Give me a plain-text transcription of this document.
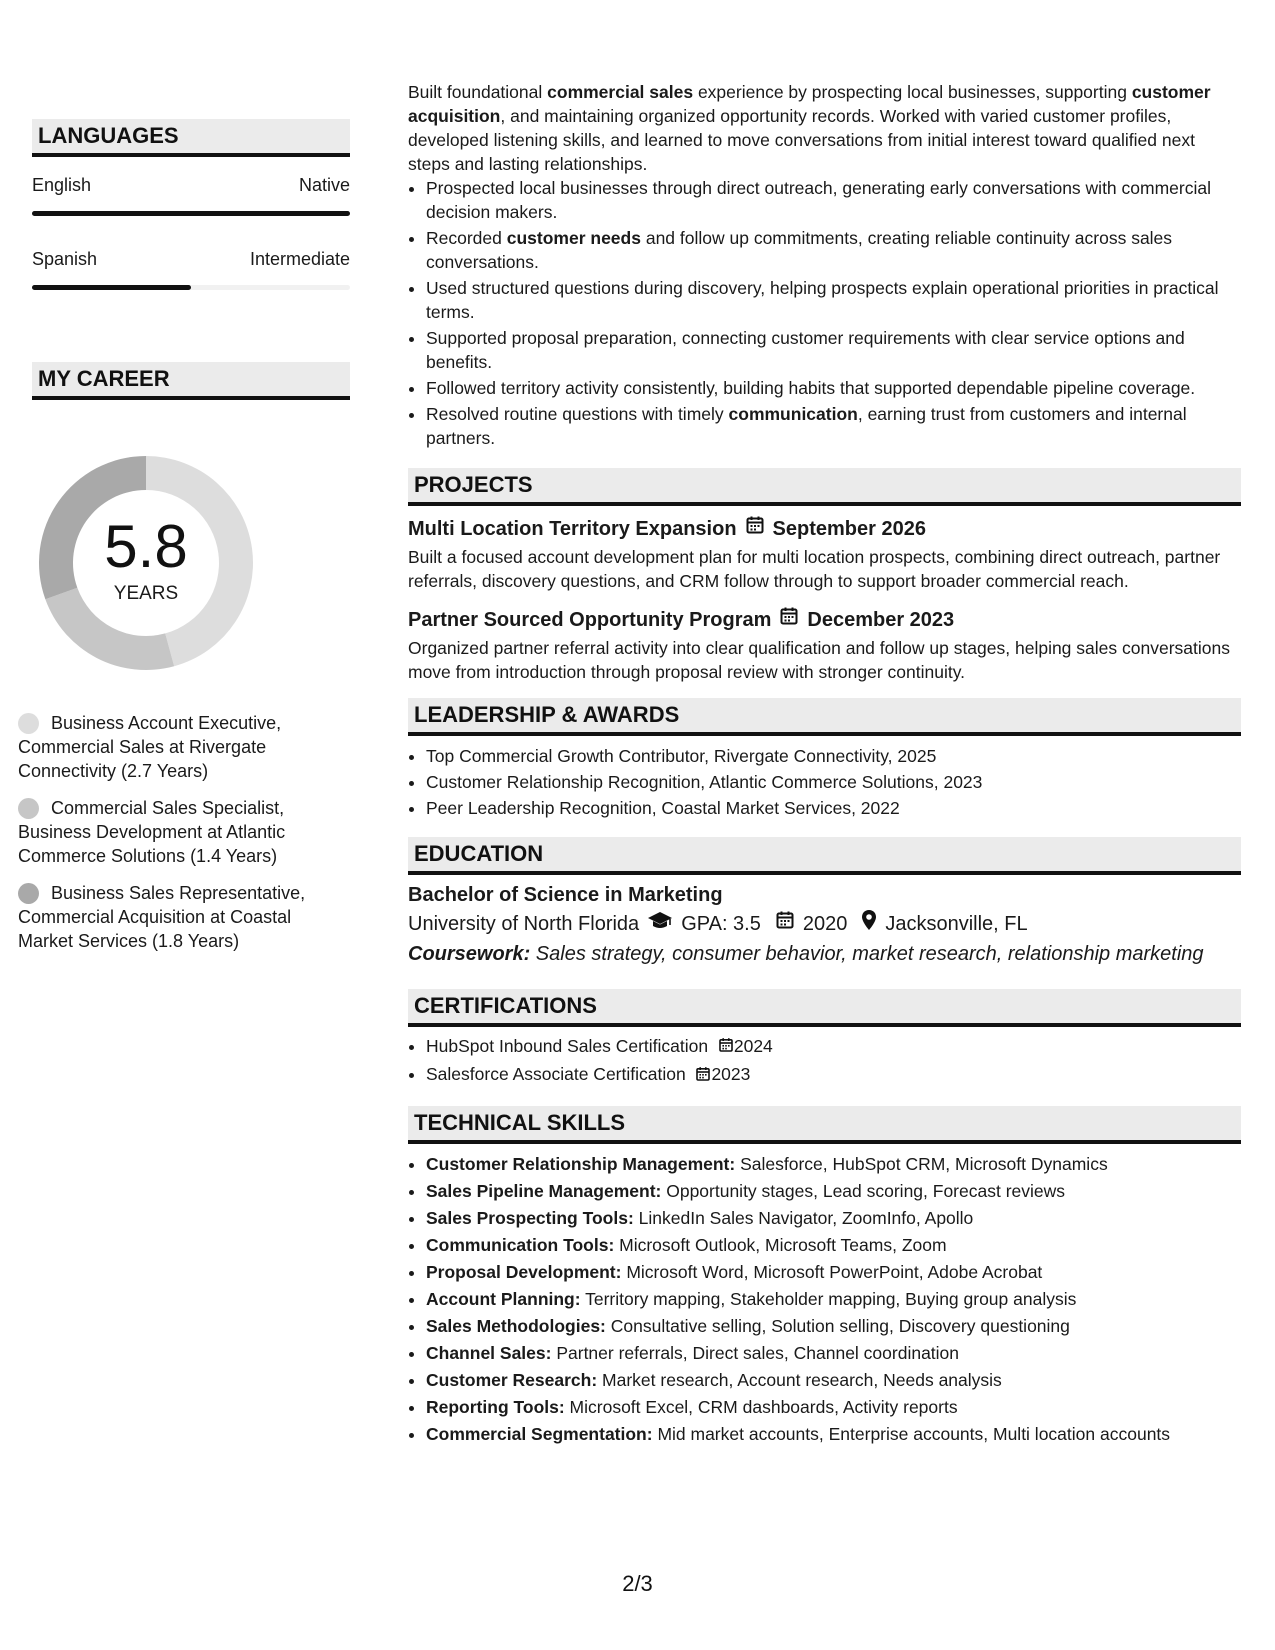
LANGUAGES
English	Native
Spanish	Intermediate
MY CAREER
5.8
YEARS
Business Account Executive, Commercial Sales at Rivergate Connectivity (2.7 Years)
Commercial Sales Specialist, Business Development at Atlantic Commerce Solutions (1.4 Years)
Business Sales Representative, Commercial Acquisition at Coastal Market Services (1.8 Years)

Built foundational commercial sales experience by prospecting local businesses, supporting customer acquisition, and maintaining organized opportunity records. Worked with varied customer profiles, developed listening skills, and learned to move conversations from initial interest toward qualified next steps and lasting relationships.

• Prospected local businesses through direct outreach, generating early conversations with commercial decision makers.
• Recorded customer needs and follow up commitments, creating reliable continuity across sales conversations.
• Used structured questions during discovery, helping prospects explain operational priorities in practical terms.
• Supported proposal preparation, connecting customer requirements with clear service options and benefits.
• Followed territory activity consistently, building habits that supported dependable pipeline coverage.
• Resolved routine questions with timely communication, earning trust from customers and internal partners.
PROJECTS
Multi Location Territory Expansion September 2026

Built a focused account development plan for multi location prospects, combining direct outreach, partner referrals, discovery questions, and CRM follow through to support broader commercial reach.

Partner Sourced Opportunity Program December 2023

Organized partner referral activity into clear qualification and follow up stages, helping sales conversations move from introduction through proposal review with stronger continuity.

LEADERSHIP & AWARDS
• Top Commercial Growth Contributor, Rivergate Connectivity, 2025
• Customer Relationship Recognition, Atlantic Commerce Solutions, 2023
• Peer Leadership Recognition, Coastal Market Services, 2022
EDUCATION
Bachelor of Science in Marketing
University of North Florida GPA: 3.5 2020 Jacksonville, FL
Coursework: Sales strategy, consumer behavior, market research, relationship marketing
CERTIFICATIONS
• HubSpot Inbound Sales Certification 2024
• Salesforce Associate Certification 2023
TECHNICAL SKILLS
• Customer Relationship Management: Salesforce, HubSpot CRM, Microsoft Dynamics
• Sales Pipeline Management: Opportunity stages, Lead scoring, Forecast reviews
• Sales Prospecting Tools: LinkedIn Sales Navigator, ZoomInfo, Apollo
• Communication Tools: Microsoft Outlook, Microsoft Teams, Zoom
• Proposal Development: Microsoft Word, Microsoft PowerPoint, Adobe Acrobat
• Account Planning: Territory mapping, Stakeholder mapping, Buying group analysis
• Sales Methodologies: Consultative selling, Solution selling, Discovery questioning
• Channel Sales: Partner referrals, Direct sales, Channel coordination
• Customer Research: Market research, Account research, Needs analysis
• Reporting Tools: Microsoft Excel, CRM dashboards, Activity reports
• Commercial Segmentation: Mid market accounts, Enterprise accounts, Multi location accounts
2/3
